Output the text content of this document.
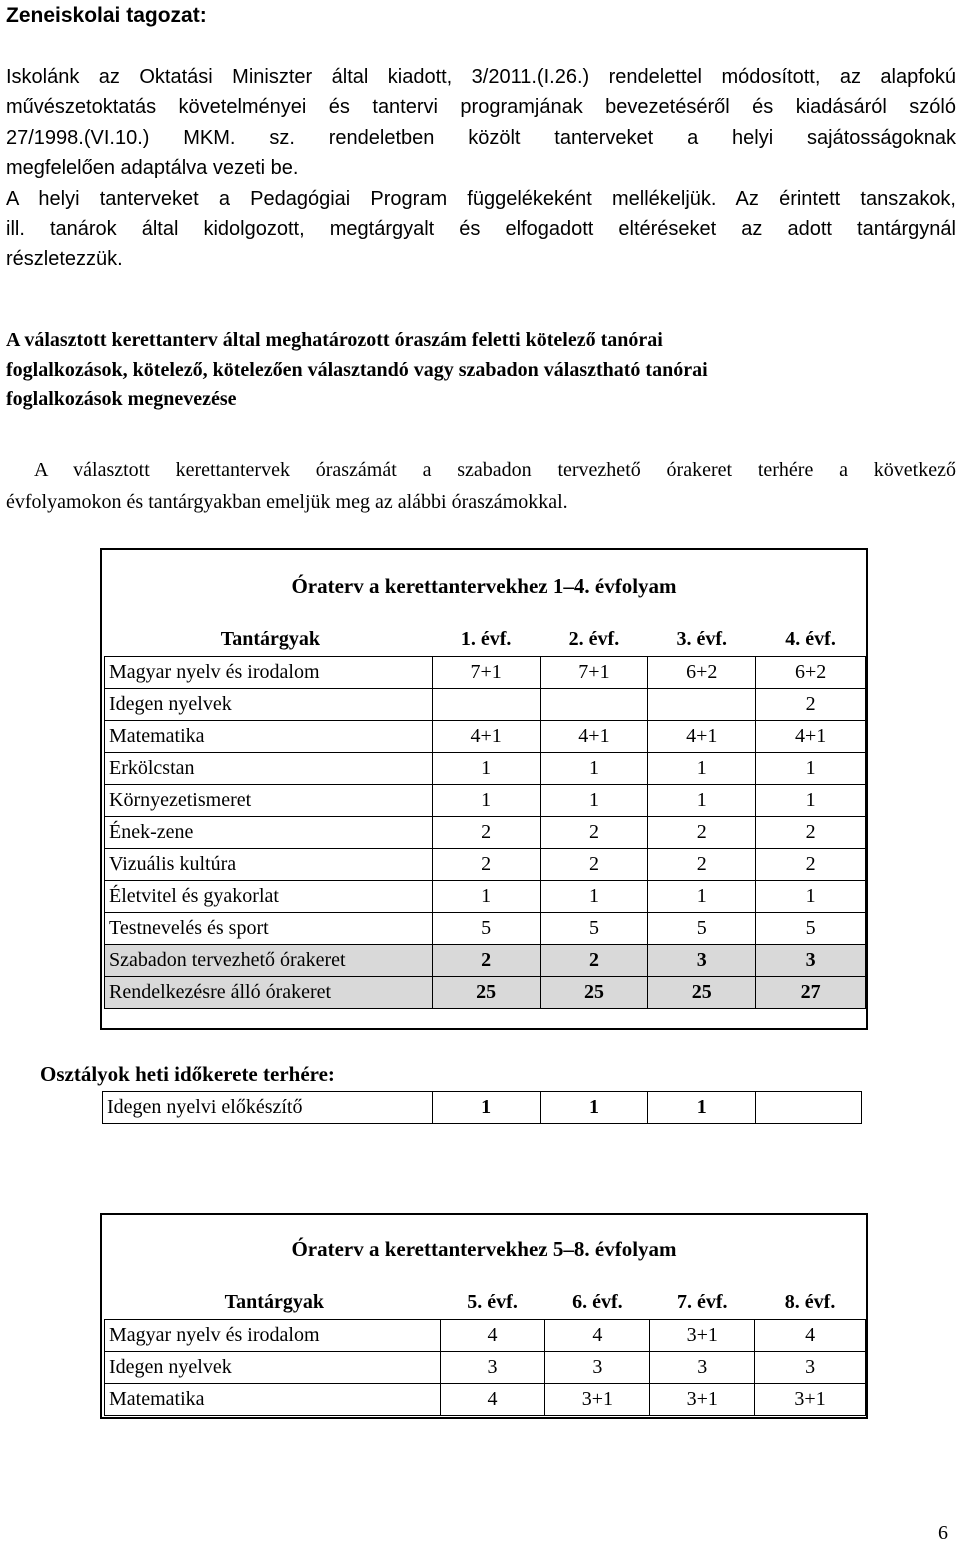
Zeneiskolai tagozat:
Iskolánk az Oktatási Miniszter által kiadott, 3/2011.(I.26.) rendelettel módosított, az alapfokú
művészetoktatás követelményei és tantervi programjának bevezetéséről és kiadásáról szóló
27/1998.(VI.10.) MKM. sz. rendeletben közölt tanterveket a helyi sajátosságoknak
megfelelően adaptálva vezeti be.
A helyi tanterveket a Pedagógiai Program függelékeként mellékeljük. Az érintett tanszakok,
ill. tanárok által kidolgozott, megtárgyalt és elfogadott eltéréseket az adott tantárgynál
részletezzük.
A választott kerettanterv által meghatározott óraszám feletti kötelező tanórai
foglalkozások, kötelező, kötelezően választandó vagy szabadon választható tanórai
foglalkozások megnevezése
A választott kerettantervek óraszámát a szabadon tervezhető órakeret terhére a következő
évfolyamokon és tantárgyakban emeljük meg az alábbi óraszámokkal.
Óraterv a kerettantervekhez 1–4. évfolyam
Tantárgyak	1. évf.	2. évf.	3. évf.	4. évf.
Magyar nyelv és irodalom	7+1	7+1	6+2	6+2
Idegen nyelvek				2
Matematika	4+1	4+1	4+1	4+1
Erkölcstan	1	1	1	1
Környezetismeret	1	1	1	1
Ének-zene	2	2	2	2
Vizuális kultúra	2	2	2	2
Életvitel és gyakorlat	1	1	1	1
Testnevelés és sport	5	5	5	5
Szabadon tervezhető órakeret	2	2	3	3
Rendelkezésre álló órakeret	25	25	25	27
Osztályok heti időkerete terhére:
Idegen nyelvi előkészítő	1	1	1	
Óraterv a kerettantervekhez 5–8. évfolyam
Tantárgyak	5. évf.	6. évf.	7. évf.	8. évf.
Magyar nyelv és irodalom	4	4	3+1	4
Idegen nyelvek	3	3	3	3
Matematika	4	3+1	3+1	3+1
6
